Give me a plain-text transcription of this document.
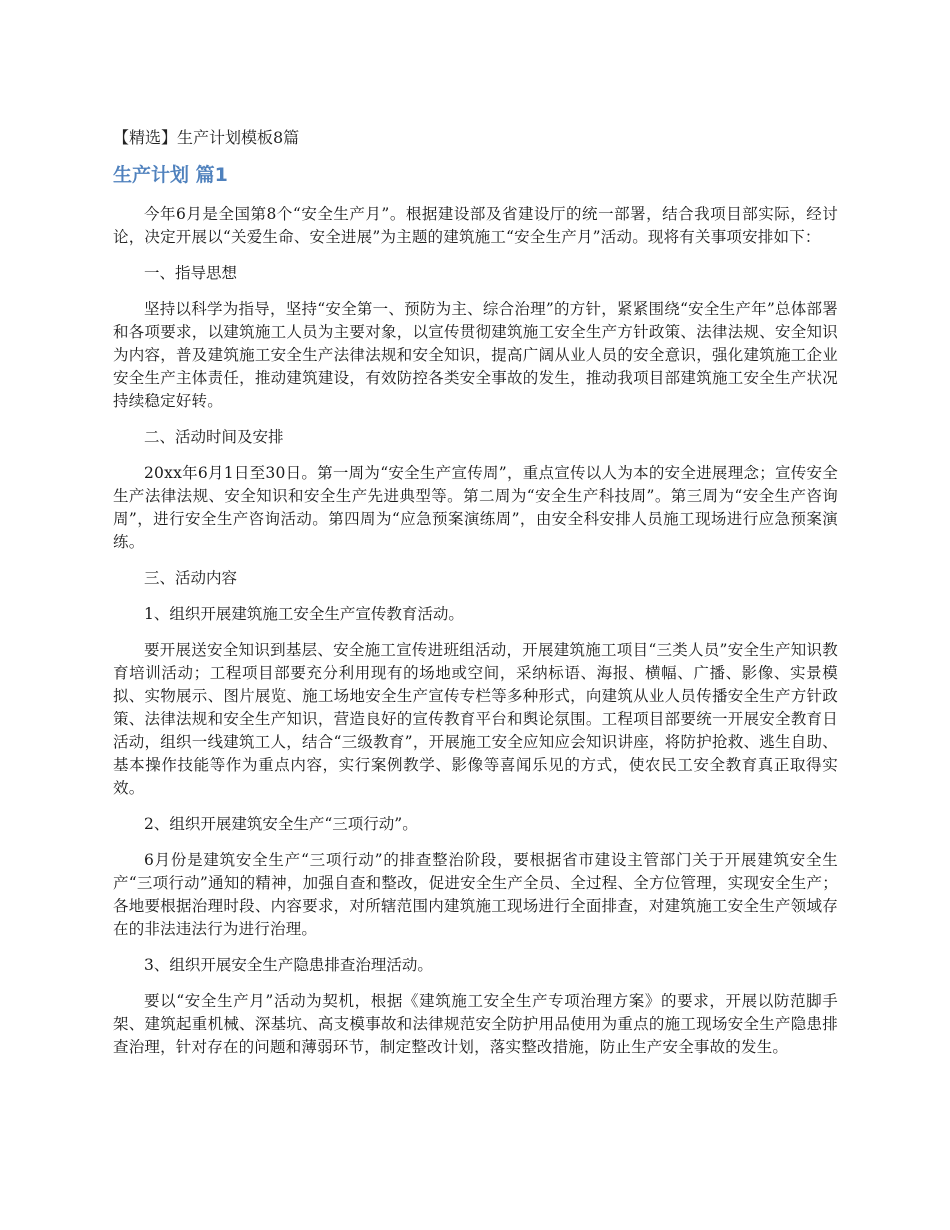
【精选】生产计划模板8篇
生产计划 篇1
今年6月是全国第8个“安全生产月”。根据建设部及省建设厅的统一部署，结合我项目部实际，经讨论，决定开展以“关爱生命、安全进展”为主题的建筑施工“安全生产月”活动。现将有关事项安排如下：
一、指导思想
坚持以科学为指导，坚持“安全第一、预防为主、综合治理”的方针，紧紧围绕“安全生产年”总体部署和各项要求，以建筑施工人员为主要对象，以宣传贯彻建筑施工安全生产方针政策、法律法规、安全知识为内容，普及建筑施工安全生产法律法规和安全知识，提高广阔从业人员的安全意识，强化建筑施工企业安全生产主体责任，推动建筑建设，有效防控各类安全事故的发生，推动我项目部建筑施工安全生产状况持续稳定好转。
二、活动时间及安排
20xx年6月1日至30日。第一周为“安全生产宣传周”，重点宣传以人为本的安全进展理念；宣传安全生产法律法规、安全知识和安全生产先进典型等。第二周为“安全生产科技周”。第三周为“安全生产咨询周”，进行安全生产咨询活动。第四周为“应急预案演练周”，由安全科安排人员施工现场进行应急预案演练。
三、活动内容
1、组织开展建筑施工安全生产宣传教育活动。
要开展送安全知识到基层、安全施工宣传进班组活动，开展建筑施工项目“三类人员”安全生产知识教育培训活动；工程项目部要充分利用现有的场地或空间，采纳标语、海报、横幅、广播、影像、实景模拟、实物展示、图片展览、施工场地安全生产宣传专栏等多种形式，向建筑从业人员传播安全生产方针政策、法律法规和安全生产知识，营造良好的宣传教育平台和舆论氛围。工程项目部要统一开展安全教育日活动，组织一线建筑工人，结合“三级教育”，开展施工安全应知应会知识讲座，将防护抢救、逃生自助、基本操作技能等作为重点内容，实行案例教学、影像等喜闻乐见的方式，使农民工安全教育真正取得实效。
2、组织开展建筑安全生产“三项行动”。
6月份是建筑安全生产“三项行动”的排查整治阶段，要根据省市建设主管部门关于开展建筑安全生产“三项行动”通知的精神，加强自查和整改，促进安全生产全员、全过程、全方位管理，实现安全生产；各地要根据治理时段、内容要求，对所辖范围内建筑施工现场进行全面排查，对建筑施工安全生产领域存在的非法违法行为进行治理。
3、组织开展安全生产隐患排查治理活动。
要以“安全生产月”活动为契机，根据《建筑施工安全生产专项治理方案》的要求，开展以防范脚手架、建筑起重机械、深基坑、高支模事故和法律规范安全防护用品使用为重点的施工现场安全生产隐患排查治理，针对存在的问题和薄弱环节，制定整改计划，落实整改措施，防止生产安全事故的发生。
